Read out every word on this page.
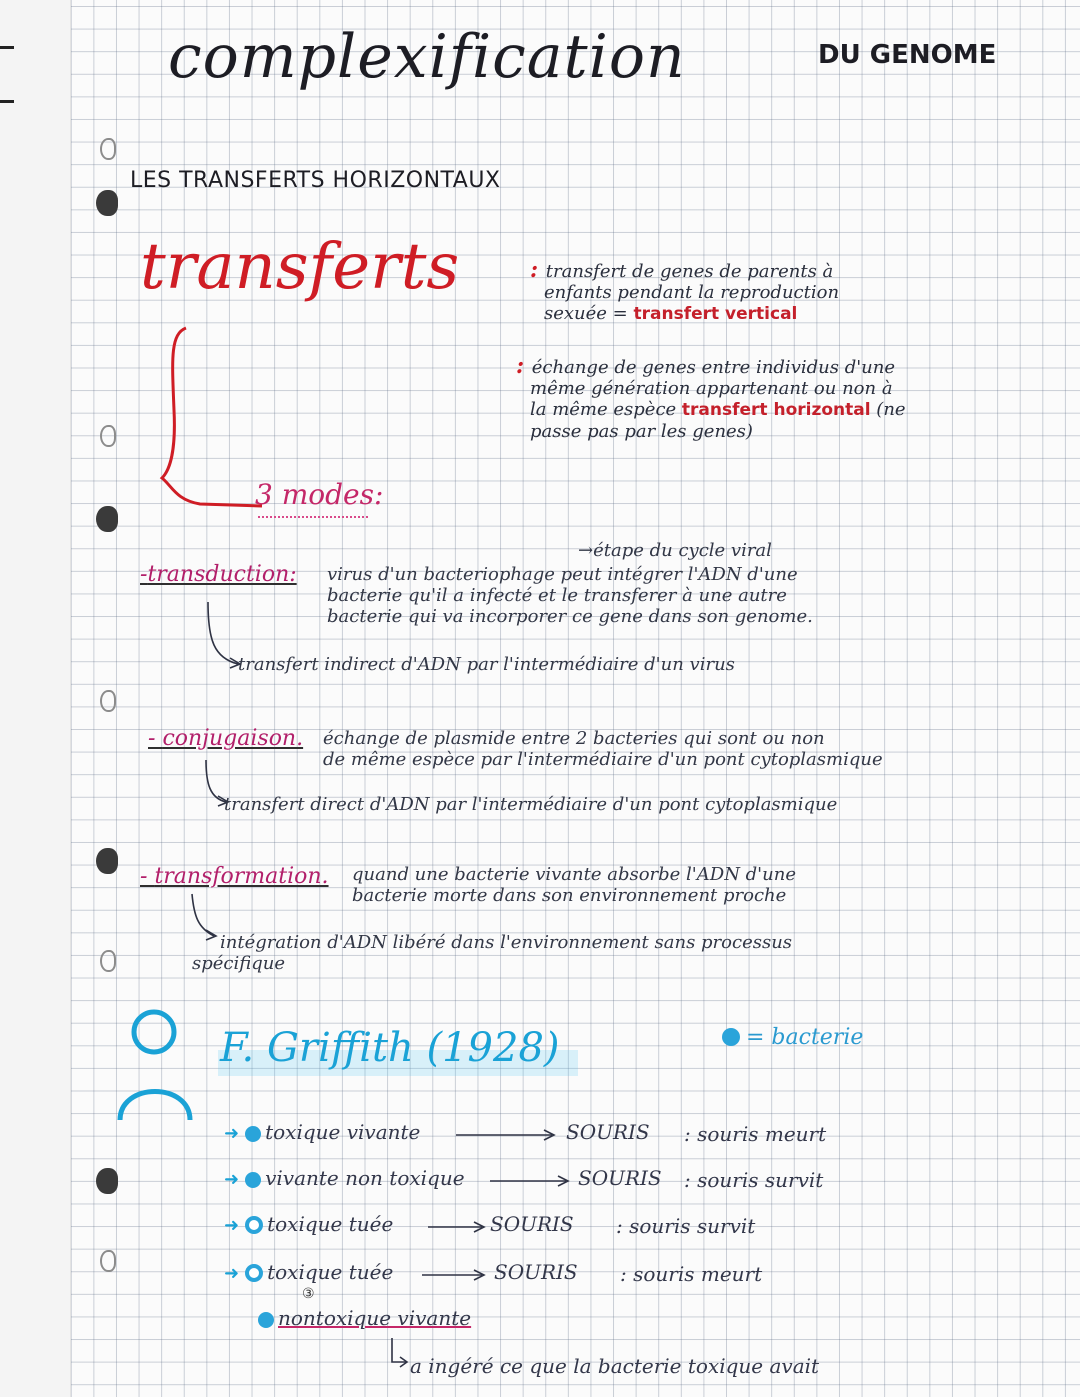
complexification	DU GENOME
LES TRANSFERTS HORIZONTAUX
transferts	: transfert de genes de parents à
enfants pendant la reproduction
sexuée = transfert vertical
: échange de genes entre individus d'une
même génération appartenant ou non à
la même espèce transfert horizontal (ne
passe pas par les genes)
3 modes:
→étape du cycle viral
-transduction: virus d'un bacteriophage peut intégrer l'ADN d'une
bacterie qu'il a infecté et le transferer à une autre
bacterie qui va incorporer ce gene dans son genome.
transfert indirect d'ADN par l'intermédiaire d'un virus
- conjugaison. échange de plasmide entre 2 bacteries qui sont ou non
de même espèce par l'intermédiaire d'un pont cytoplasmique
transfert direct d'ADN par l'intermédiaire d'un pont cytoplasmique
- transformation. quand une bacterie vivante absorbe l'ADN d'une
bacterie morte dans son environnement proche
intégration d'ADN libéré dans l'environnement sans processus
spécifique
F. Griffith (1928)	= bacterie
➜ toxique vivante	SOURIS : souris meurt
➜ vivante non toxique	SOURIS : souris survit
➜ toxique tuée	SOURIS : souris survit
➜ toxique tuée	SOURIS : souris meurt
③
nontoxique vivante
a ingéré ce que la bacterie toxique avait
